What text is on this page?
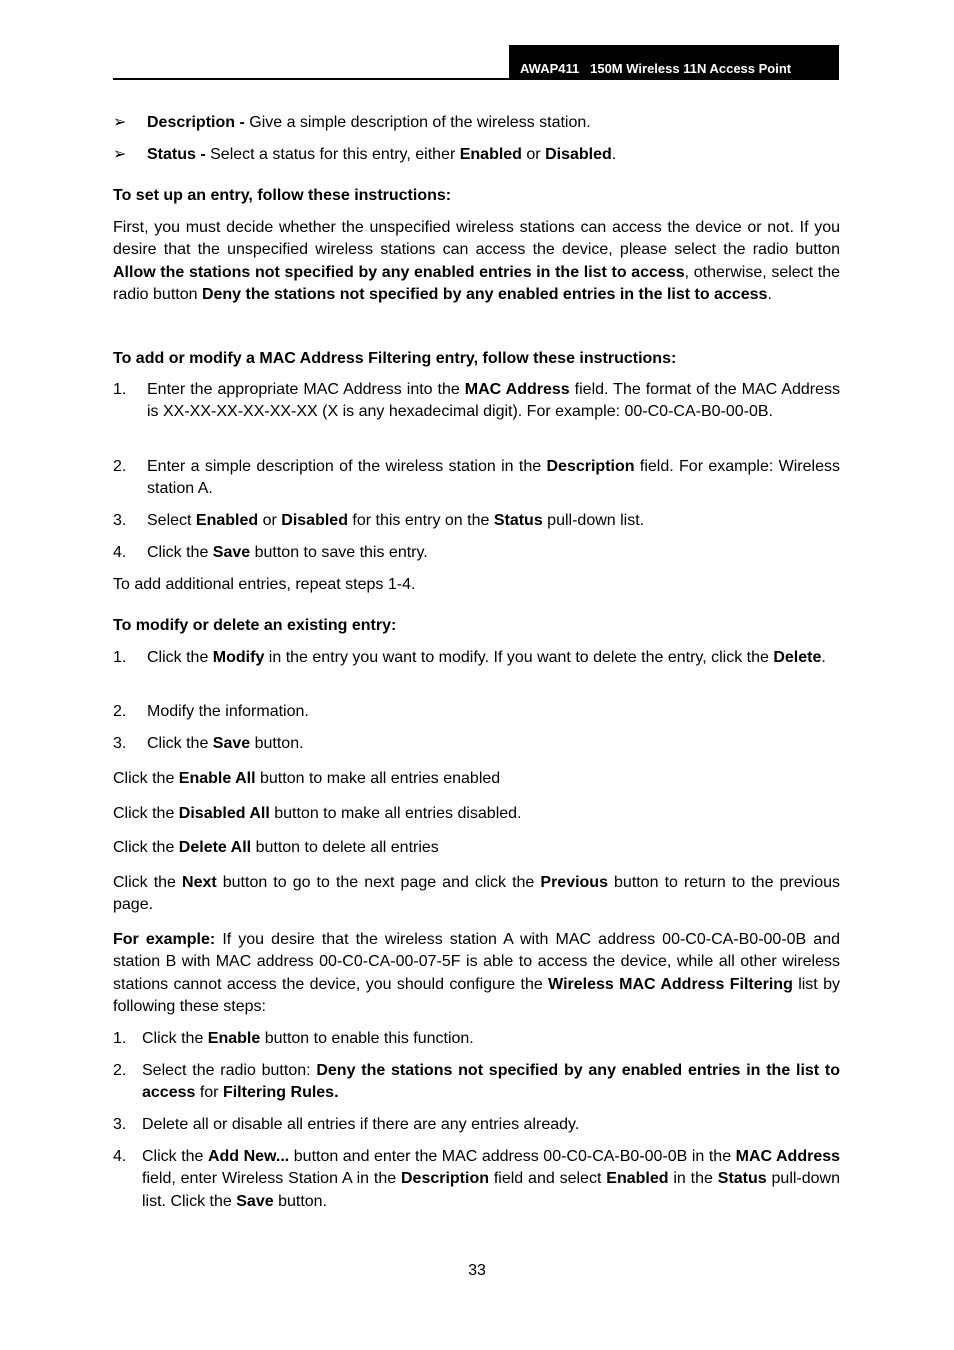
AWAP411 150M Wireless 11N Access Point
➢ Description - Give a simple description of the wireless station.
➢ Status - Select a status for this entry, either Enabled or Disabled.
To set up an entry, follow these instructions:
First, you must decide whether the unspecified wireless stations can access the device or not. If you desire that the unspecified wireless stations can access the device, please select the radio button Allow the stations not specified by any enabled entries in the list to access, otherwise, select the radio button Deny the stations not specified by any enabled entries in the list to access.
To add or modify a MAC Address Filtering entry, follow these instructions:
1. Enter the appropriate MAC Address into the MAC Address field. The format of the MAC Address is XX-XX-XX-XX-XX-XX (X is any hexadecimal digit). For example: 00-C0-CA-B0-00-0B.
2. Enter a simple description of the wireless station in the Description field. For example: Wireless station A.
3. Select Enabled or Disabled for this entry on the Status pull-down list.
4. Click the Save button to save this entry.
To add additional entries, repeat steps 1-4.
To modify or delete an existing entry:
1. Click the Modify in the entry you want to modify. If you want to delete the entry, click the Delete.
2. Modify the information.
3. Click the Save button.
Click the Enable All button to make all entries enabled
Click the Disabled All button to make all entries disabled.
Click the Delete All button to delete all entries
Click the Next button to go to the next page and click the Previous button to return to the previous page.
For example: If you desire that the wireless station A with MAC address 00-C0-CA-B0-00-0B and station B with MAC address 00-C0-CA-00-07-5F is able to access the device, while all other wireless stations cannot access the device, you should configure the Wireless MAC Address Filtering list by following these steps:
1. Click the Enable button to enable this function.
2. Select the radio button: Deny the stations not specified by any enabled entries in the list to access for Filtering Rules.
3. Delete all or disable all entries if there are any entries already.
4. Click the Add New... button and enter the MAC address 00-C0-CA-B0-00-0B in the MAC Address field, enter Wireless Station A in the Description field and select Enabled in the Status pull-down list. Click the Save button.
33
